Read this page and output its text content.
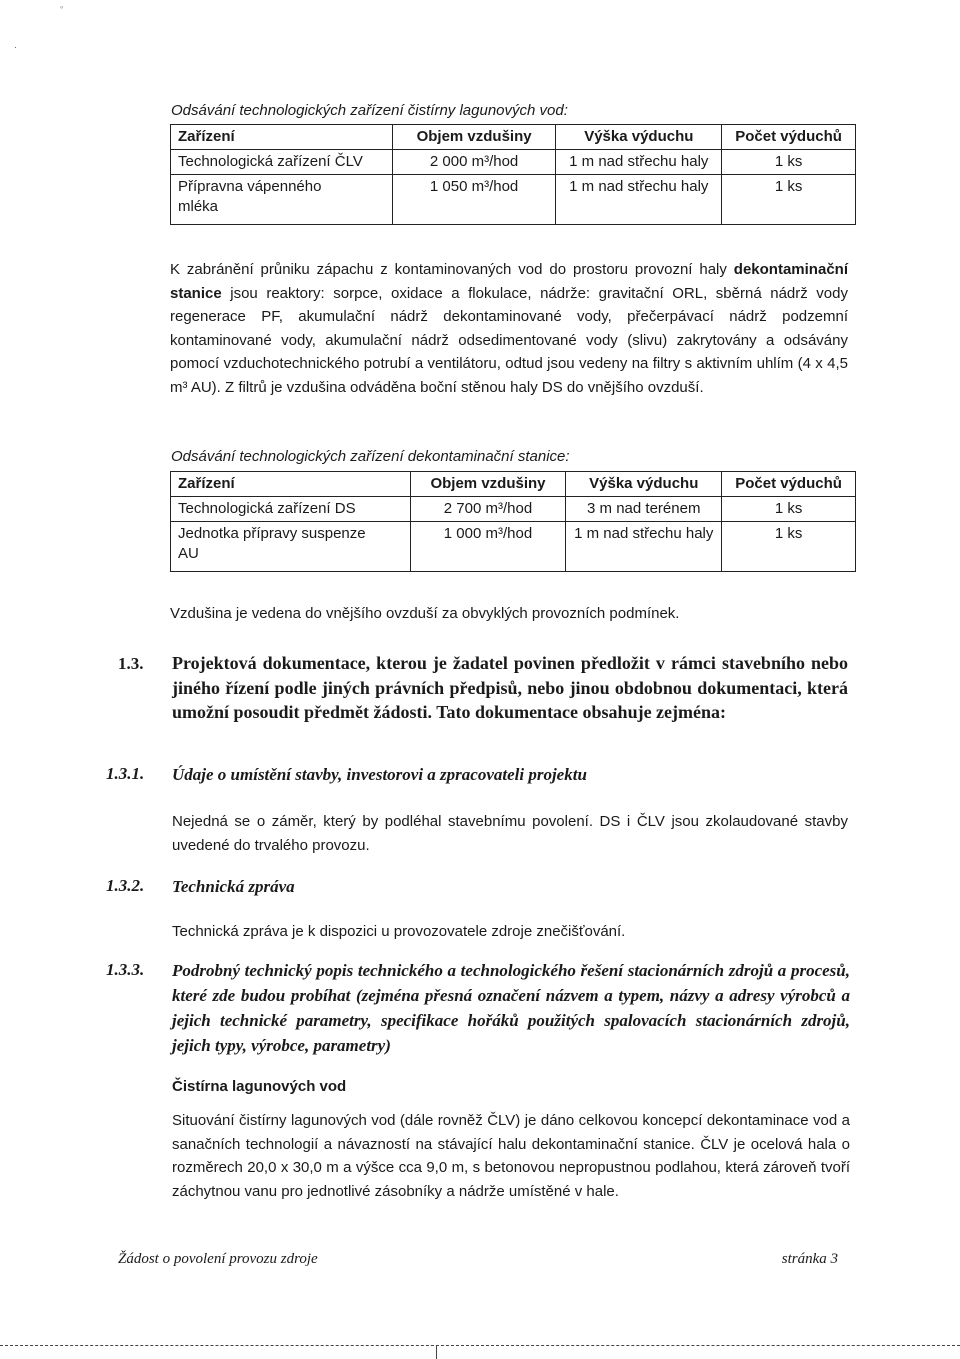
◦
·
Odsávání technologických zařízení čistírny lagunových vod:
Zařízení	Objem vzdušiny	Výška výduchu	Počet výduchů
Technologická zařízení ČLV	2 000 m³/hod	1 m nad střechu haly	1 ks
Přípravna vápenného mléka	1 050 m³/hod	1 m nad střechu haly	1 ks
K zabránění průniku zápachu z kontaminovaných vod do prostoru provozní haly dekontaminační stanice jsou reaktory: sorpce, oxidace a flokulace, nádrže: gravitační ORL, sběrná nádrž vody regenerace PF, akumulační nádrž dekontaminované vody, přečerpávací nádrž podzemní kontaminované vody, akumulační nádrž odsedimentované vody (slivu) zakrytovány a odsávány pomocí vzduchotechnického potrubí a ventilátoru, odtud jsou vedeny na filtry s aktivním uhlím (4 x 4,5 m³ AU). Z filtrů je vzdušina odváděna boční stěnou haly DS do vnějšího ovzduší.
Odsávání technologických zařízení dekontaminační stanice:
Zařízení	Objem vzdušiny	Výška výduchu	Počet výduchů
Technologická zařízení DS	2 700 m³/hod	3 m nad terénem	1 ks
Jednotka přípravy suspenze AU	1 000 m³/hod	1 m nad střechu haly	1 ks
Vzdušina je vedena do vnějšího ovzduší za obvyklých provozních podmínek.
1.3. Projektová dokumentace, kterou je žadatel povinen předložit v rámci stavebního nebo jiného řízení podle jiných právních předpisů, nebo jinou obdobnou dokumentaci, která umožní posoudit předmět žádosti. Tato dokumentace obsahuje zejména:
1.3.1. Údaje o umístění stavby, investorovi a zpracovateli projektu
Nejedná se o záměr, který by podléhal stavebnímu povolení. DS i ČLV jsou zkolaudované stavby uvedené do trvalého provozu.
1.3.2. Technická zpráva
Technická zpráva je k dispozici u provozovatele zdroje znečišťování.
1.3.3. Podrobný technický popis technického a technologického řešení stacionárních zdrojů a procesů, které zde budou probíhat (zejména přesná označení názvem a typem, názvy a adresy výrobců a jejich technické parametry, specifikace hořáků použitých spalovacích stacionárních zdrojů, jejich typy, výrobce, parametry)
Čistírna lagunových vod
Situování čistírny lagunových vod (dále rovněž ČLV) je dáno celkovou koncepcí dekontaminace vod a sanačních technologií a návazností na stávající halu dekontaminační stanice. ČLV je ocelová hala o rozměrech 20,0 x 30,0 m a výšce cca 9,0 m, s betonovou nepropustnou podlahou, která zároveň tvoří záchytnou vanu pro jednotlivé zásobníky a nádrže umístěné v hale.
Žádost o povolení provozu zdroje	stránka 3
